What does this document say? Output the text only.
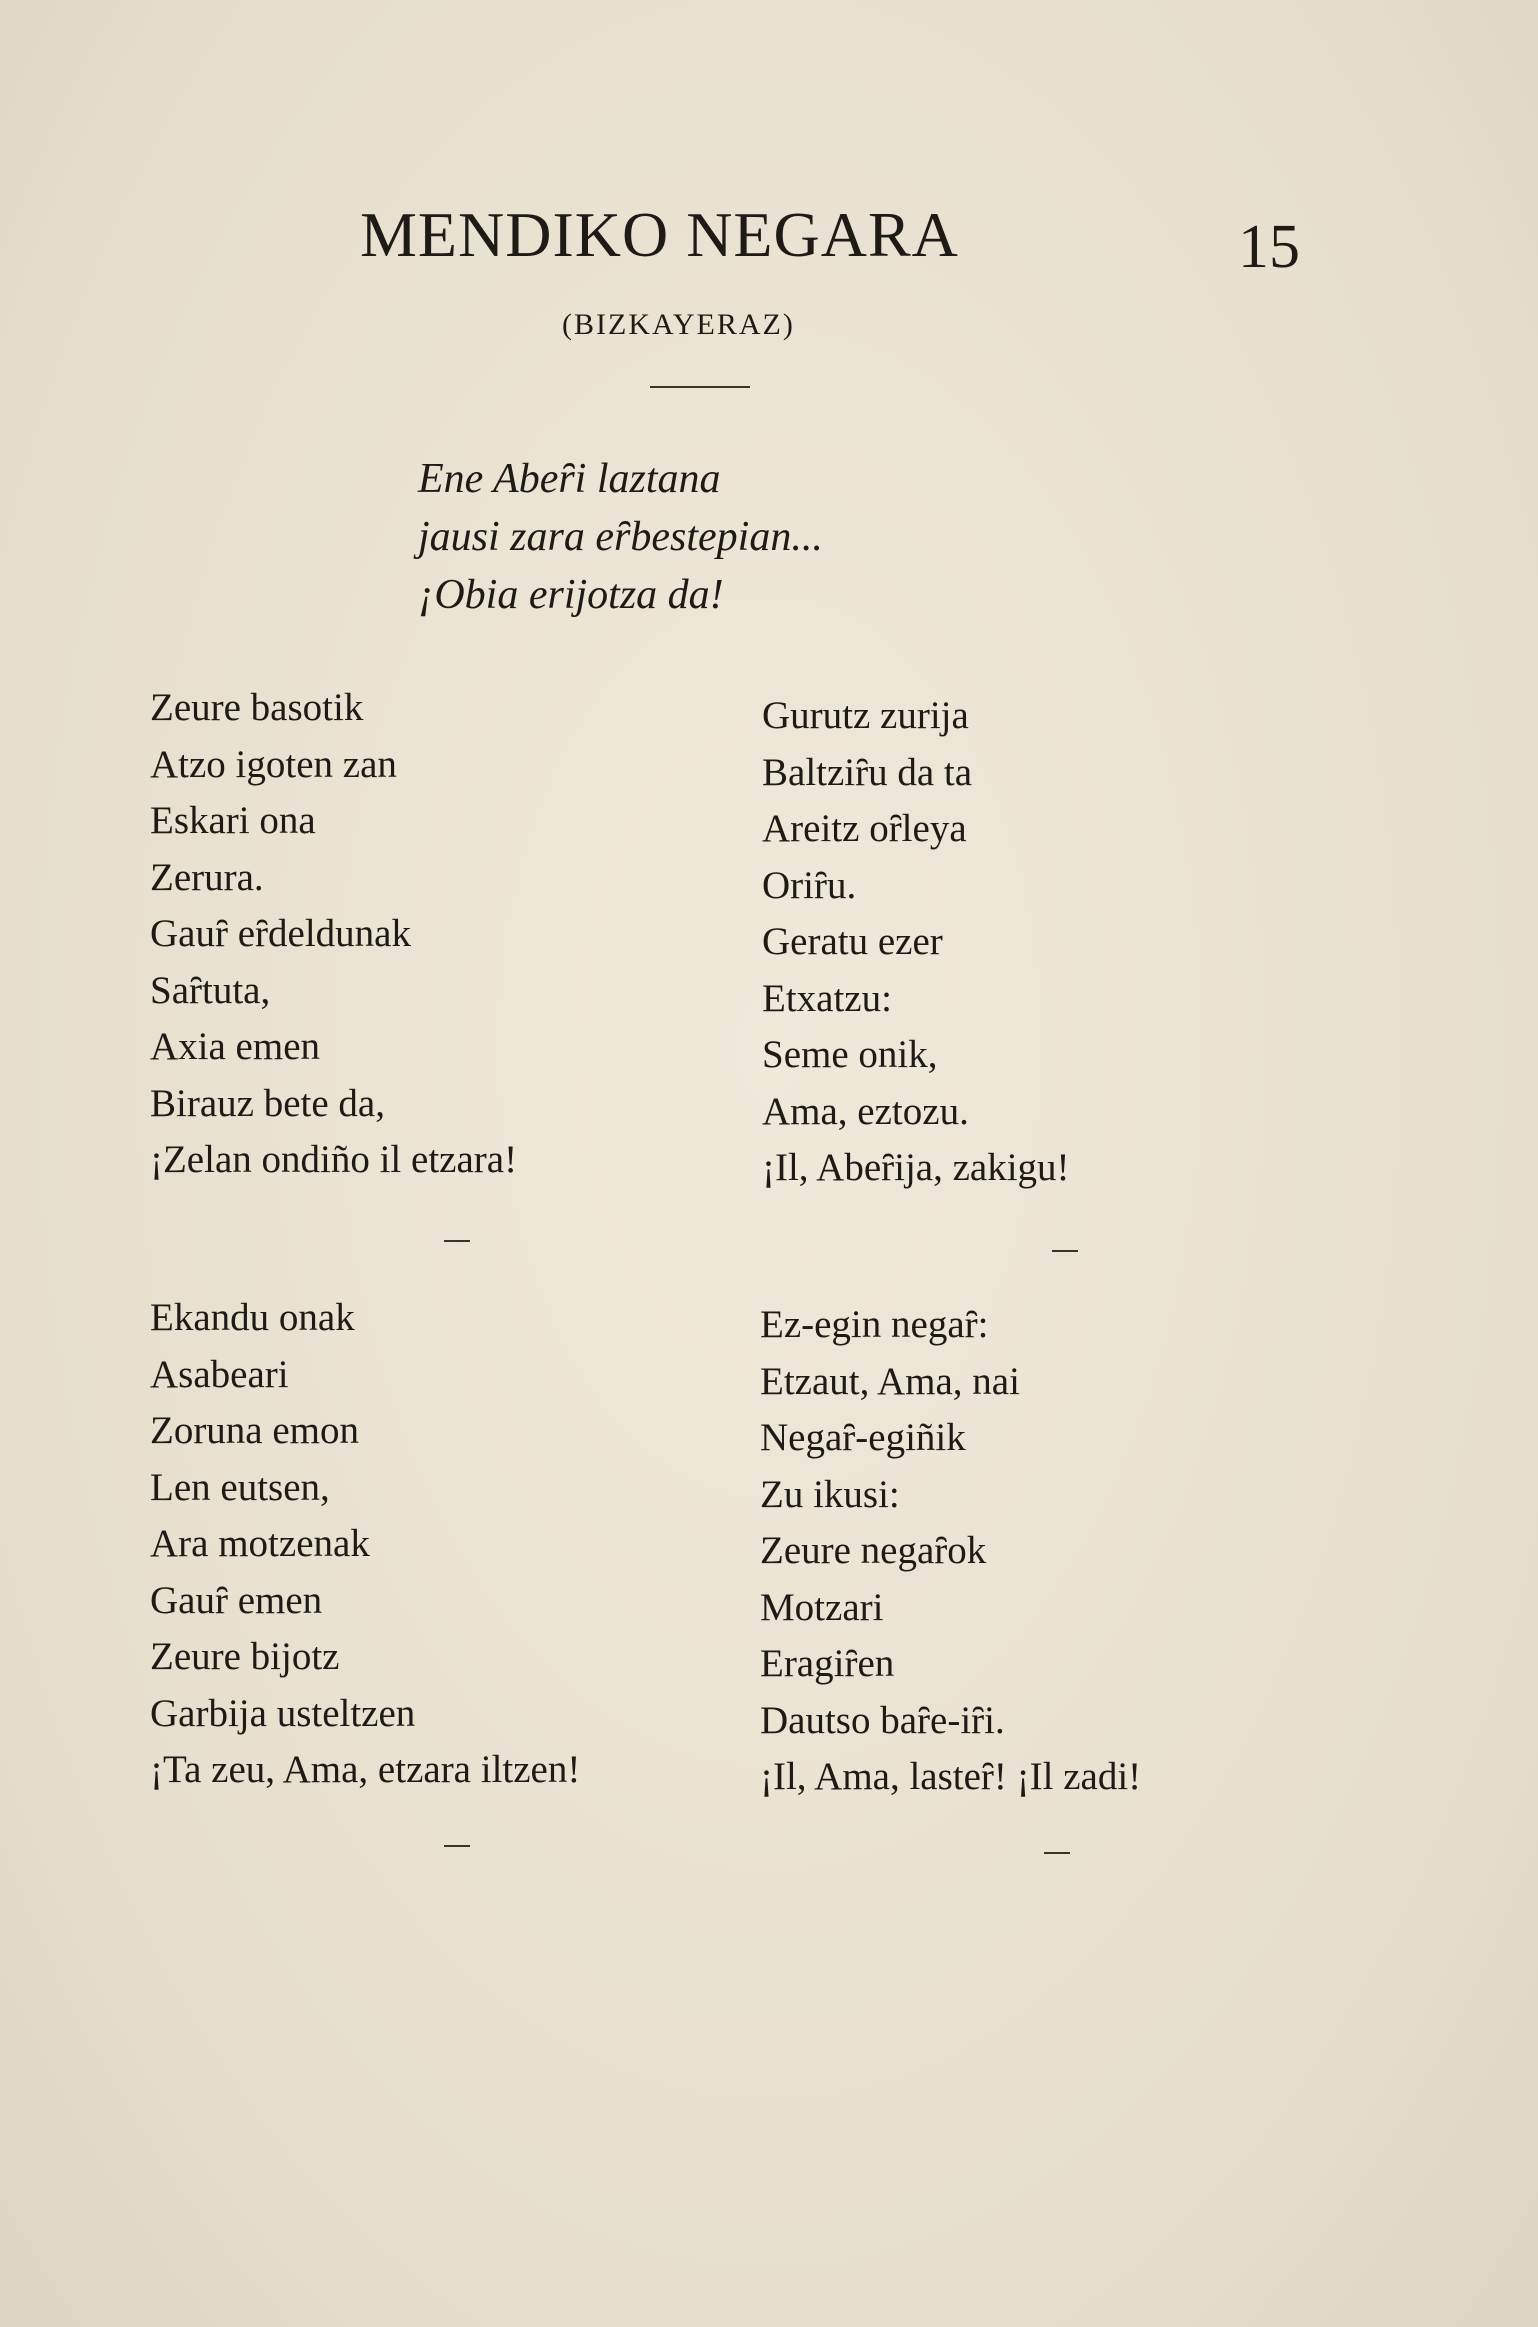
MENDIKO NEGARA	15
(BIZKAYERAZ)
Ene Abeȓi laztana
jausi zara eȓbestepian...
¡Obia erijotza da!
Zeure basotik
Atzo igoten zan
Eskari ona
Zerura.
Gauȓ eȓdeldunak
Saȓtuta,
Axia emen
Birauz bete da,
¡Zelan ondiño il etzara!
Gurutz zurija
Baltziȓu da ta
Areitz oȓleya
Oriȓu.
Geratu ezer
Etxatzu:
Seme onik,
Ama, eztozu.
¡Il, Abeȓija, zakigu!
Ekandu onak
Asabeari
Zoruna emon
Len eutsen,
Ara motzenak
Gauȓ emen
Zeure bijotz
Garbija usteltzen
¡Ta zeu, Ama, etzara iltzen!
Ez-egin negaȓ:
Etzaut, Ama, nai
Negaȓ-egiñik
Zu ikusi:
Zeure negaȓok
Motzari
Eragiȓen
Dautso baȓe-iȓi.
¡Il, Ama, lasteȓ! ¡Il zadi!
